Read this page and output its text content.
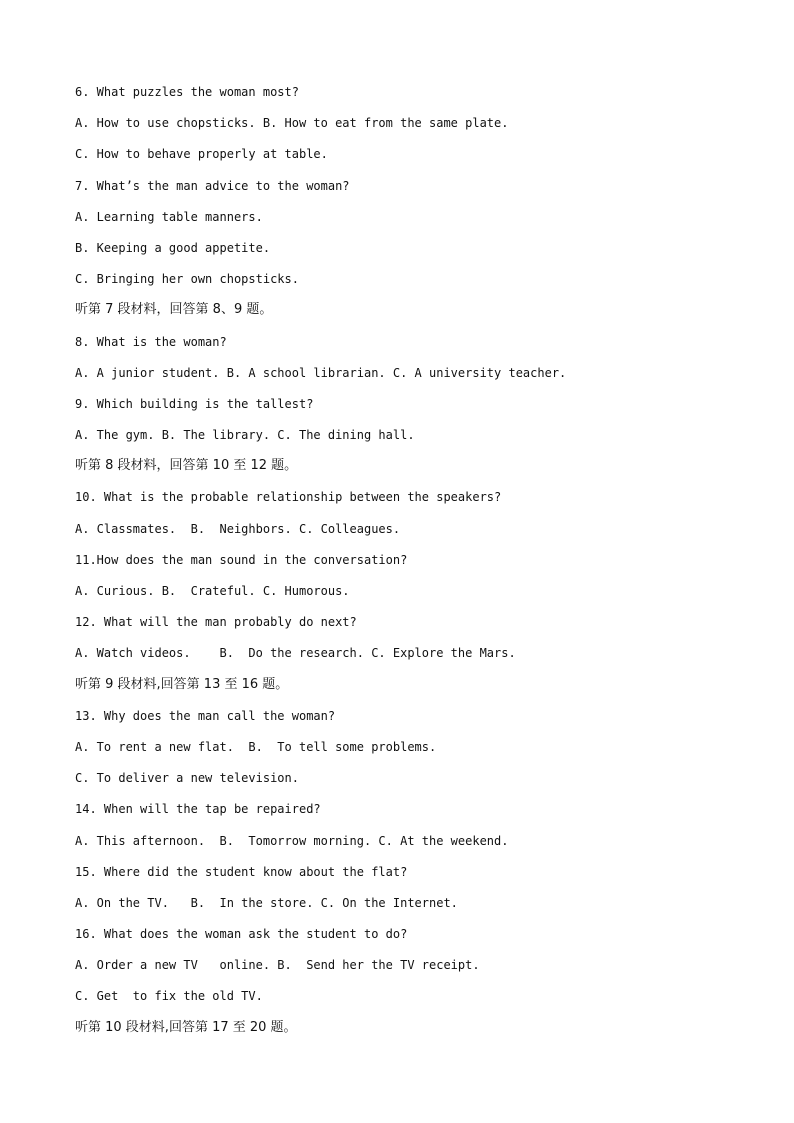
6. What puzzles the woman most?
A. How to use chopsticks. B. How to eat from the same plate.
C. How to behave properly at table.
7. What’s the man advice to the woman?
A. Learning table manners.
B. Keeping a good appetite.
C. Bringing her own chopsticks.
听第 7 段材料，回答第 8、9 题。
8. What is the woman?
A. A junior student. B. A school librarian. C. A university teacher.
9. Which building is the tallest?
A. The gym. B. The library. C. The dining hall.
听第 8 段材料，回答第 10 至 12 题。
10. What is the probable relationship between the speakers?
A. Classmates.  B.  Neighbors. C. Colleagues.
11.How does the man sound in the conversation?
A. Curious. B.  Crateful. C. Humorous.
12. What will the man probably do next?
A. Watch videos.    B.  Do the research. C. Explore the Mars.
听第 9 段材料,回答第 13 至 16 题。
13. Why does the man call the woman?
A. To rent a new flat.  B.  To tell some problems.
C. To deliver a new television.
14. When will the tap be repaired?
A. This afternoon.  B.  Tomorrow morning. C. At the weekend.
15. Where did the student know about the flat?
A. On the TV.   B.  In the store. C. On the Internet.
16. What does the woman ask the student to do?
A. Order a new TV   online. B.  Send her the TV receipt.
C. Get  to fix the old TV.
听第 10 段材料,回答第 17 至 20 题。
